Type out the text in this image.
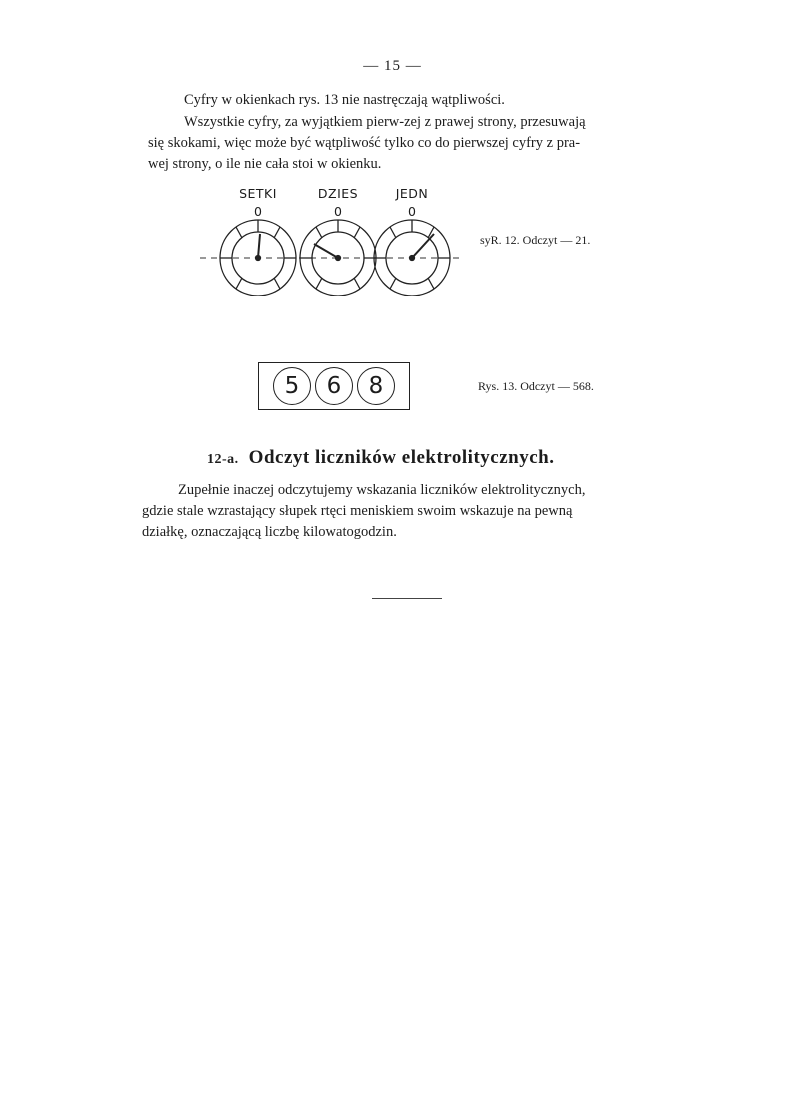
— 15 —

Cyfry w okienkach rys. 13 nie nastręczają wątpliwości.

Wszystkie cyfry, za wyjątkiem pierw-zej z prawej strony, przesuwają
się skokami, więc może być wątpliwość tylko co do pierwszej cyfry z pra-
wej strony, o ile nie cała stoi w okienku.

SETKI	DZIES	JEDN
0	0	0
syR. 12. Odczyt — 21.
5	6	8	Rys. 13. Odczyt — 568.
12-a. Odczyt liczników elektrolitycznych.

Zupełnie inaczej odczytujemy wskazania liczników elektrolitycznych,
gdzie stale wzrastający słupek rtęci meniskiem swoim wskazuje na pewną
działkę, oznaczającą liczbę kilowatogodzin.
